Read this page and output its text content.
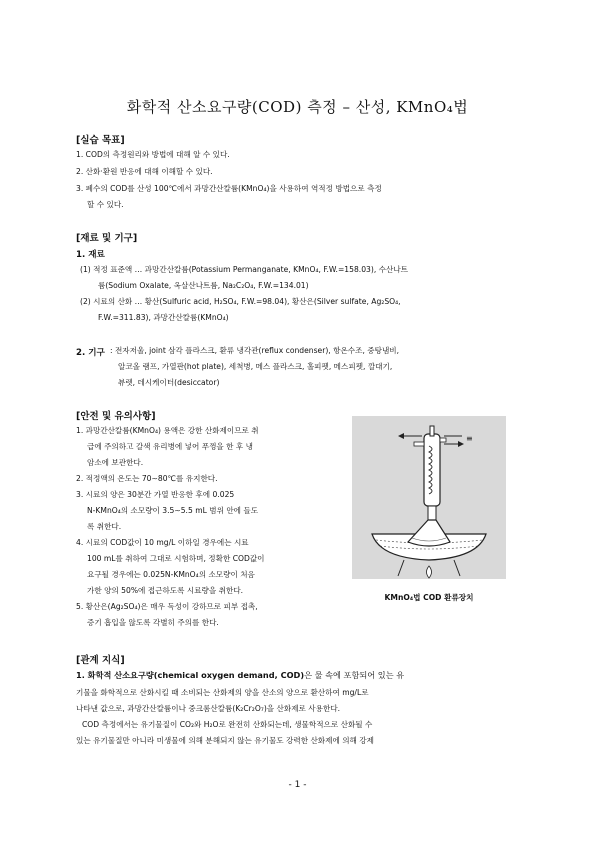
화학적 산소요구량(COD) 측정 – 산성, KMnO₄법
[실습 목표]
1. COD의 측정원리와 방법에 대해 알 수 있다.
2. 산화·환원 반응에 대해 이해할 수 있다.
3. 폐수의 COD를 산성 100℃에서 과망간산칼륨(KMnO₄)을 사용하여 역적정 방법으로 측정
할 수 있다.
[재료 및 기구]
1. 재료
(1) 적정 표준액 … 과망간산칼륨(Potassium Permanganate, KMnO₄, F.W.=158.03), 수산나트
륨(Sodium Oxalate, 옥살산나트륨, Na₂C₂O₄, F.W.=134.01)
(2) 시료의 산화 … 황산(Sulfuric acid, H₂SO₄, F.W.=98.04), 황산은(Silver sulfate, Ag₂SO₄,
F.W.=311.83), 과망간산칼륨(KMnO₄)
2. 기구 : 전자저울, joint 삼각 플라스크, 환류 냉각관(reflux condenser), 항온수조, 중탕냄비,
알코올 램프, 가열판(hot plate), 세척병, 메스 플라스크, 홀피펫, 메스피펫, 깔대기,
뷰렛, 데시케이터(desiccator)
[안전 및 유의사항]
1. 과망간산칼륨(KMnO₄) 용액은 강한 산화제이므로 취
급에 주의하고 갈색 유리병에 넣어 푸껑을 한 후 냉
암소에 보관한다.
2. 적정액의 온도는 70∼80℃를 유지한다.
3. 시료의 양은 30분간 가열 반응한 후에 0.025
N-KMnO₄의 소모량이 3.5∼5.5 mL 범위 안에 들도
록 취한다.
4. 시료의 COD값이 10 mg/L 이하일 경우에는 시료
100 mL를 취하여 그대로 시험하며, 정확한 COD값이
요구될 경우에는 0.025N-KMnO₄의 소모량이 처음
가한 양의 50%에 접근하도록 시료량을 취한다.
5. 황산은(Ag₂SO₄)은 매우 독성이 강하므로 피부 접촉,
증기 흡입을 않도록 각별히 주의를 한다.
≡
KMnO₄법 COD 환류장치
[관계 지식]
1. 화학적 산소요구량(chemical oxygen demand, COD)은 물 속에 포함되어 있는 유
기물을 화학적으로 산화시킬 때 소비되는 산화제의 양을 산소의 양으로 환산하여 mg/L로
나타낸 값으로, 과망간산칼륨이나 중크롬산칼륨(K₂Cr₂O₇)을 산화제로 사용한다.
COD 측정에서는 유기물질이 CO₂와 H₂O로 완전히 산화되는데, 생물학적으로 산화될 수
있는 유기물질만 아니라 미생물에 의해 분해되지 않는 유기물도 강력한 산화제에 의해 강제
- 1 -
